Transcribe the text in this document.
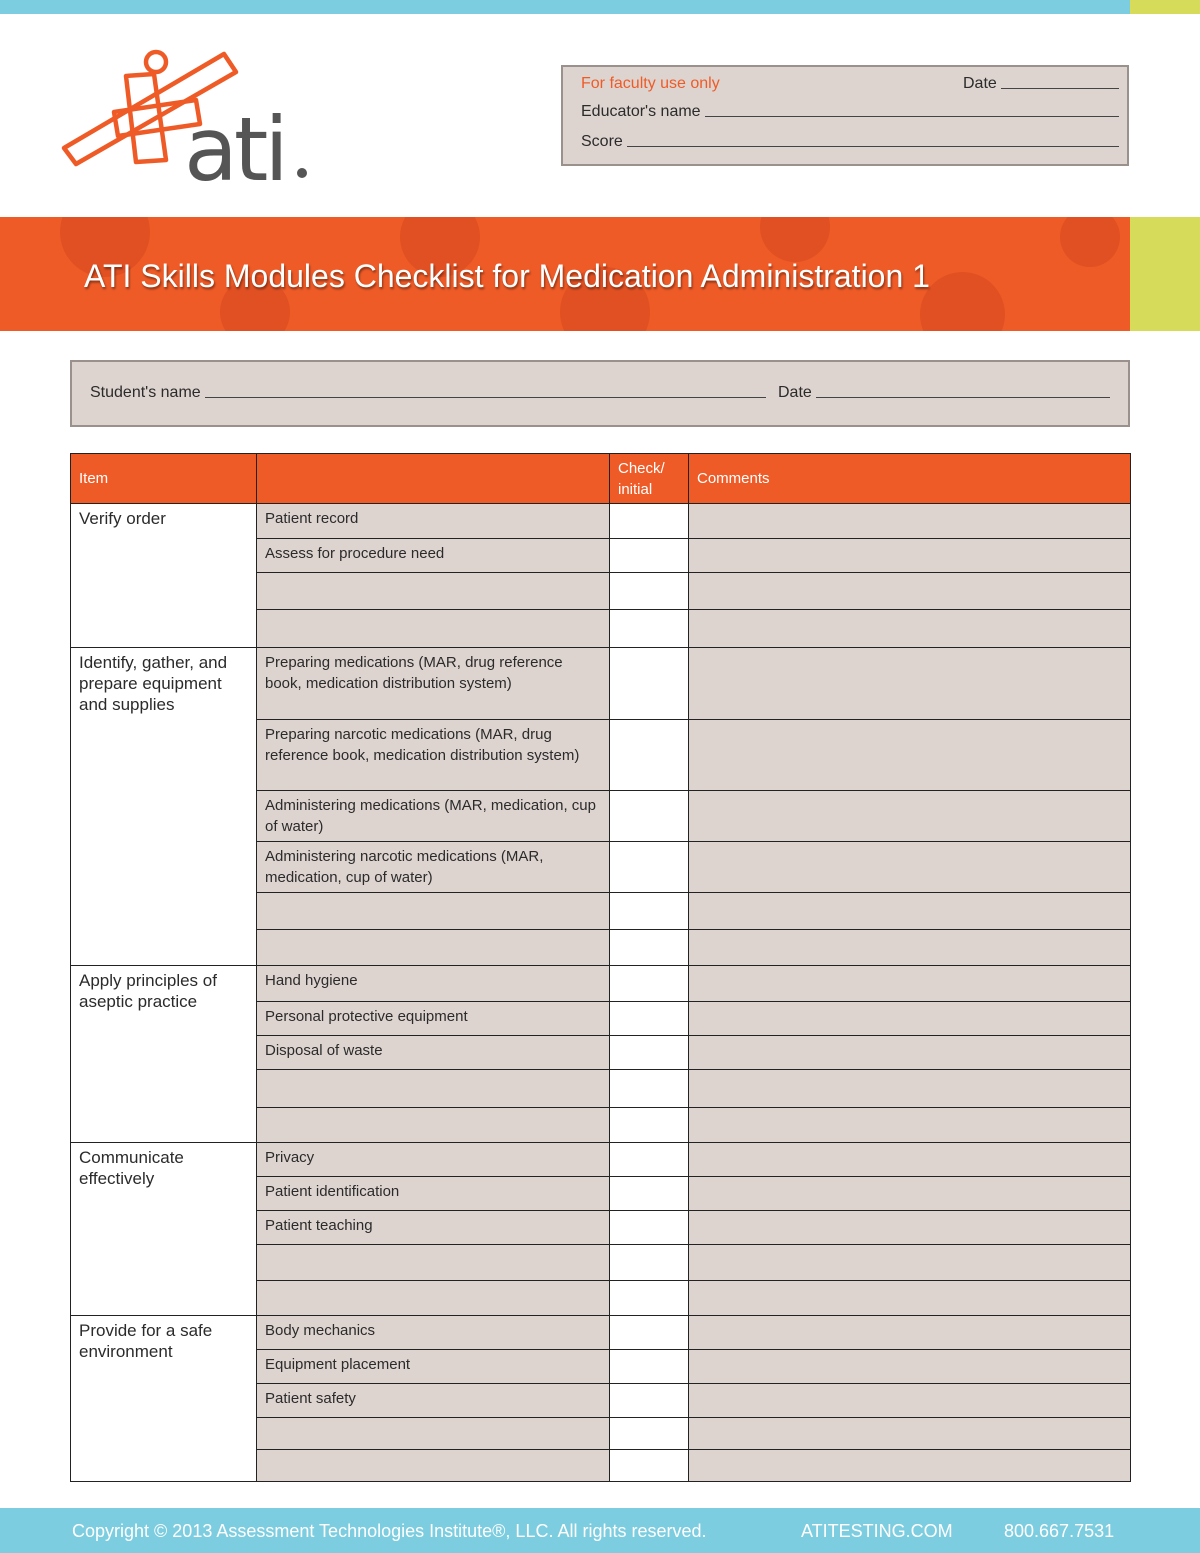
ati
For faculty use only	Date
Educator's name
Score
ATI Skills Modules Checklist for Medication Administration 1
Student's name	Date
Item		Check/ initial	Comments
Verify order	Patient record		
	Assess for procedure need		

Identify, gather, and prepare equipment and supplies	Preparing medications (MAR, drug reference book, medication distribution system)		
	Preparing narcotic medications (MAR, drug reference book, medication distribution system)		
	Administering medications (MAR, medication, cup of water)		
	Administering narcotic medications (MAR, medication, cup of water)		

Apply principles of aseptic practice	Hand hygiene		
	Personal protective equipment		
	Disposal of waste		

Communicate effectively	Privacy		
	Patient identification		
	Patient teaching		

Provide for a safe environment	Body mechanics		
	Equipment placement		
	Patient safety		

Copyright © 2013 Assessment Technologies Institute®, LLC. All rights reserved.	ATITESTING.COM	800.667.7531
